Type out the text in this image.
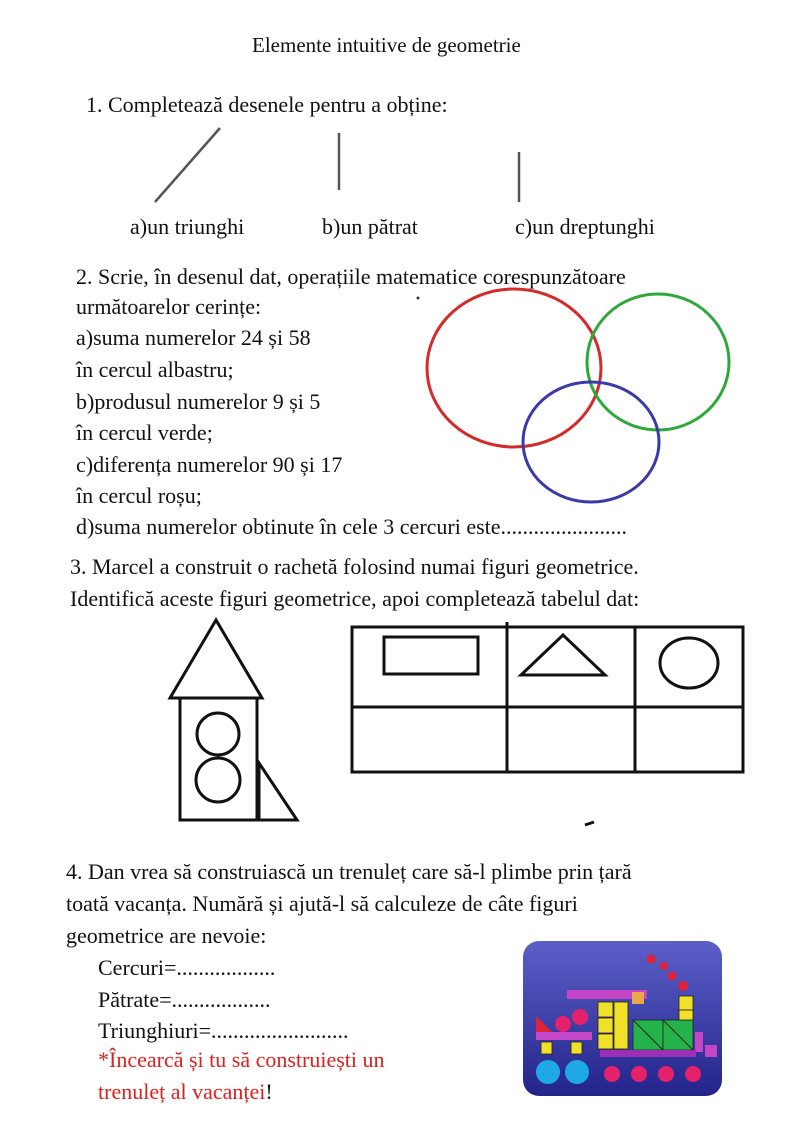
Elemente intuitive de geometrie
1. Completează desenele pentru a obține:
a)un triunghi	b)un pătrat	c)un dreptunghi
2. Scrie, în desenul dat, operațiile matematice corespunzătoare
următoarelor cerințe:
a)suma numerelor 24 și 58
în cercul albastru;
b)produsul numerelor 9 și 5
în cercul verde;
c)diferența numerelor 90 și 17
în cercul roșu;
d)suma numerelor obtinute în cele 3 cercuri este.......................
3. Marcel a construit o rachetă folosind numai figuri geometrice.
Identifică aceste figuri geometrice, apoi completează tabelul dat:
4. Dan vrea să construiască un trenuleț care să-l plimbe prin țară
toată vacanța. Numără și ajută-l să calculeze de câte figuri
geometrice are nevoie:
Cercuri=..................
Pătrate=..................
Triunghiuri=.........................
*Încearcă și tu să construiești un
trenuleț al vacanței!
